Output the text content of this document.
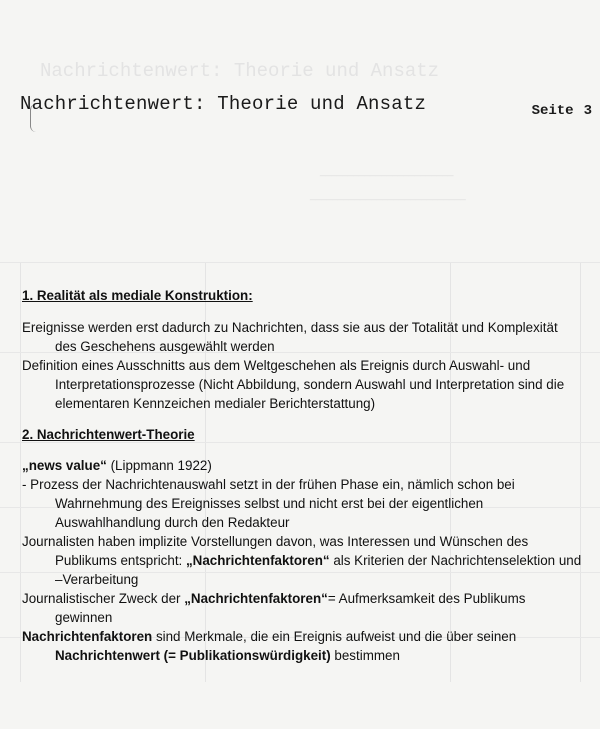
Nachrichtenwert: Theorie und Ansatz
________________________
____________________________
Nachrichtenwert: Theorie und Ansatz	Seite 3

1. Realität als mediale Konstruktion:

Ereignisse werden erst dadurch zu Nachrichten, dass sie aus der Totalität und Komplexität

des Geschehens ausgewählt werden

Definition eines Ausschnitts aus dem Weltgeschehen als Ereignis durch Auswahl- und

Interpretationsprozesse (Nicht Abbildung, sondern Auswahl und Interpretation sind die

elementaren Kennzeichen medialer Berichterstattung)

2. Nachrichtenwert-Theorie

„news value“ (Lippmann 1922)

- Prozess der Nachrichtenauswahl setzt in der frühen Phase ein, nämlich schon bei

Wahrnehmung des Ereignisses selbst und nicht erst bei der eigentlichen

Auswahlhandlung durch den Redakteur

Journalisten haben implizite Vorstellungen davon, was Interessen und Wünschen des

Publikums entspricht: „Nachrichtenfaktoren“ als Kriterien der Nachrichtenselektion und

–Verarbeitung

Journalistischer Zweck der „Nachrichtenfaktoren“= Aufmerksamkeit des Publikums

gewinnen

Nachrichtenfaktoren sind Merkmale, die ein Ereignis aufweist und die über seinen

Nachrichtenwert (= Publikationswürdigkeit) bestimmen
